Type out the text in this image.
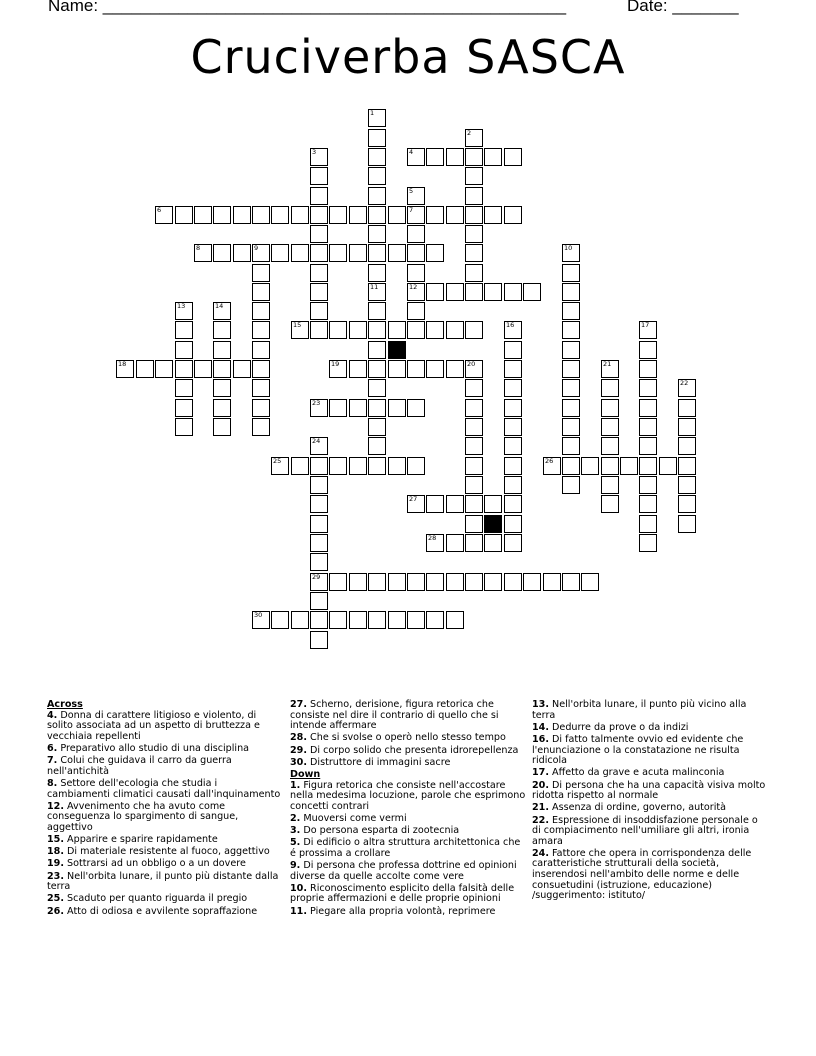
Name: _________________________________________________	Date: _______
Cruciverba SASCA
1
2
3	4
5
7
12
6
8	9	10
11
13	14
15	16	17
18	19	20	21
22
23
24
29
25	26
27
28
30
Across
4. Donna di carattere litigioso e violento, di solito associata ad un aspetto di bruttezza e vecchiaia repellenti
6. Preparativo allo studio di una disciplina
7. Colui che guidava il carro da guerra nell'antichità
8. Settore dell'ecologia che studia i cambiamenti climatici causati dall'inquinamento
12. Avvenimento che ha avuto come conseguenza lo spargimento di sangue, aggettivo
15. Apparire e sparire rapidamente
18. Di materiale resistente al fuoco, aggettivo
19. Sottrarsi ad un obbligo o a un dovere
23. Nell'orbita lunare, il punto più distante dalla terra
25. Scaduto per quanto riguarda il pregio
26. Atto di odiosa e avvilente sopraffazione
27. Scherno, derisione, figura retorica che consiste nel dire il contrario di quello che si intende affermare
28. Che si svolse o operò nello stesso tempo
29. Di corpo solido che presenta idrorepellenza
30. Distruttore di immagini sacre
Down
1. Figura retorica che consiste nell'accostare nella medesima locuzione, parole che esprimono concetti contrari
2. Muoversi come vermi
3. Do persona esparta di zootecnia
5. Di edificio o altra struttura architettonica che é prossima a crollare
9. Di persona che professa dottrine ed opinioni diverse da quelle accolte come vere
10. Riconoscimento esplicito della falsità delle proprie affermazioni e delle proprie opinioni
11. Piegare alla propria volontà, reprimere
13. Nell'orbita lunare, il punto più vicino alla terra
14. Dedurre da prove o da indizi
16. Di fatto talmente ovvio ed evidente che l'enunciazione o la constatazione ne risulta ridicola
17. Affetto da grave e acuta malinconia
20. Di persona che ha una capacità visiva molto ridotta rispetto al normale
21. Assenza di ordine, governo, autorità
22. Espressione di insoddisfazione personale o di compiacimento nell'umiliare gli altri, ironia amara
24. Fattore che opera in corrispondenza delle caratteristiche strutturali della società, inserendosi nell'ambito delle norme e delle consuetudini (istruzione, educazione) /suggerimento: istituto/
